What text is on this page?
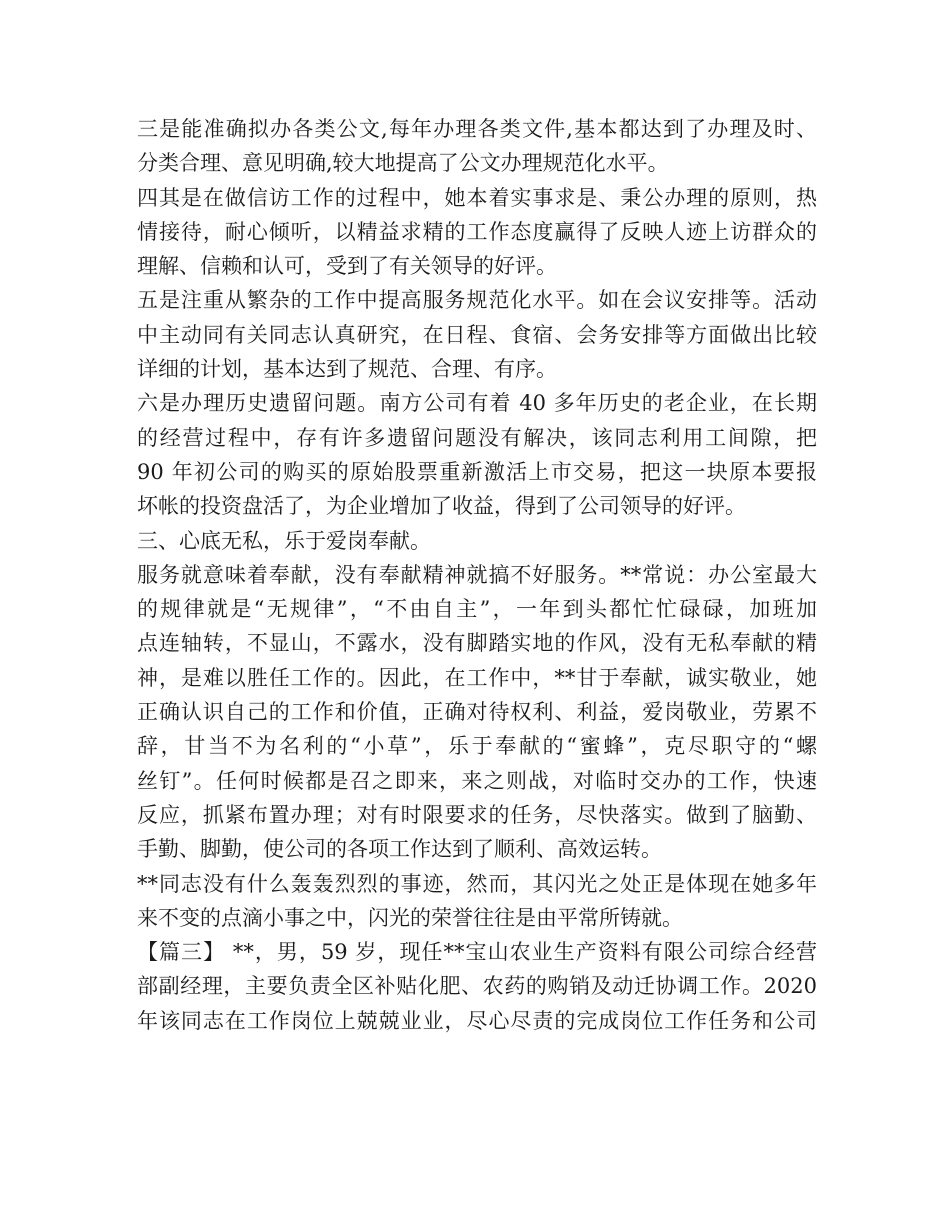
三是能准确拟办各类公文,每年办理各类文件,基本都达到了办理及时、
分类合理、意见明确,较大地提高了公文办理规范化水平。
四其是在做信访工作的过程中，她本着实事求是、秉公办理的原则，热
情接待，耐心倾听，以精益求精的工作态度赢得了反映人迹上访群众的
理解、信赖和认可，受到了有关领导的好评。
五是注重从繁杂的工作中提高服务规范化水平。如在会议安排等。活动
中主动同有关同志认真研究，在日程、食宿、会务安排等方面做出比较
详细的计划，基本达到了规范、合理、有序。
六是办理历史遗留问题。南方公司有着 40 多年历史的老企业，在长期
的经营过程中，存有许多遗留问题没有解决，该同志利用工间隙，把
90 年初公司的购买的原始股票重新激活上市交易，把这一块原本要报
坏帐的投资盘活了，为企业增加了收益，得到了公司领导的好评。
三、心底无私，乐于爱岗奉献。
服务就意味着奉献，没有奉献精神就搞不好服务。**常说：办公室最大
的规律就是“无规律”，“不由自主”，一年到头都忙忙碌碌，加班加
点连轴转，不显山，不露水，没有脚踏实地的作风，没有无私奉献的精
神，是难以胜任工作的。因此，在工作中，**甘于奉献，诚实敬业，她
正确认识自己的工作和价值，正确对待权利、利益，爱岗敬业，劳累不
辞，甘当不为名利的“小草”，乐于奉献的“蜜蜂”，克尽职守的“螺
丝钉”。任何时候都是召之即来，来之则战，对临时交办的工作，快速
反应，抓紧布置办理；对有时限要求的任务，尽快落实。做到了脑勤、
手勤、脚勤，使公司的各项工作达到了顺利、高效运转。
**同志没有什么轰轰烈烈的事迹，然而，其闪光之处正是体现在她多年
来不变的点滴小事之中，闪光的荣誉往往是由平常所铸就。
【篇三】 **，男，59 岁，现任**宝山农业生产资料有限公司综合经营
部副经理，主要负责全区补贴化肥、农药的购销及动迁协调工作。2020
年该同志在工作岗位上兢兢业业，尽心尽责的完成岗位工作任务和公司
